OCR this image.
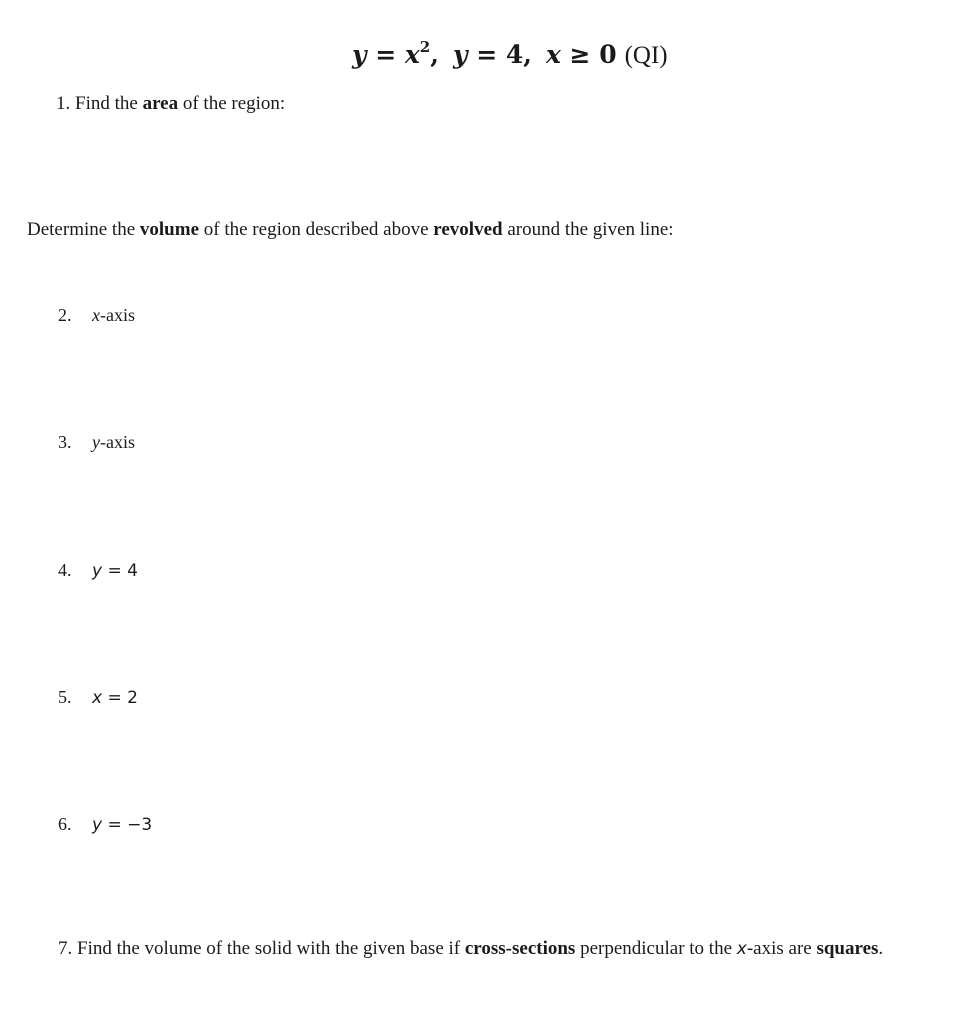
$y = x^2$, y = 4, x ≥ 0 (QI)
1. Find the area of the region:
Determine the volume of the region described above revolved around the given line:
2. x-axis
3. y-axis
4. y = 4
5. x = 2
6. y = −3
7. Find the volume of the solid with the given base if cross-sections perpendicular to the x-axis are squares.
